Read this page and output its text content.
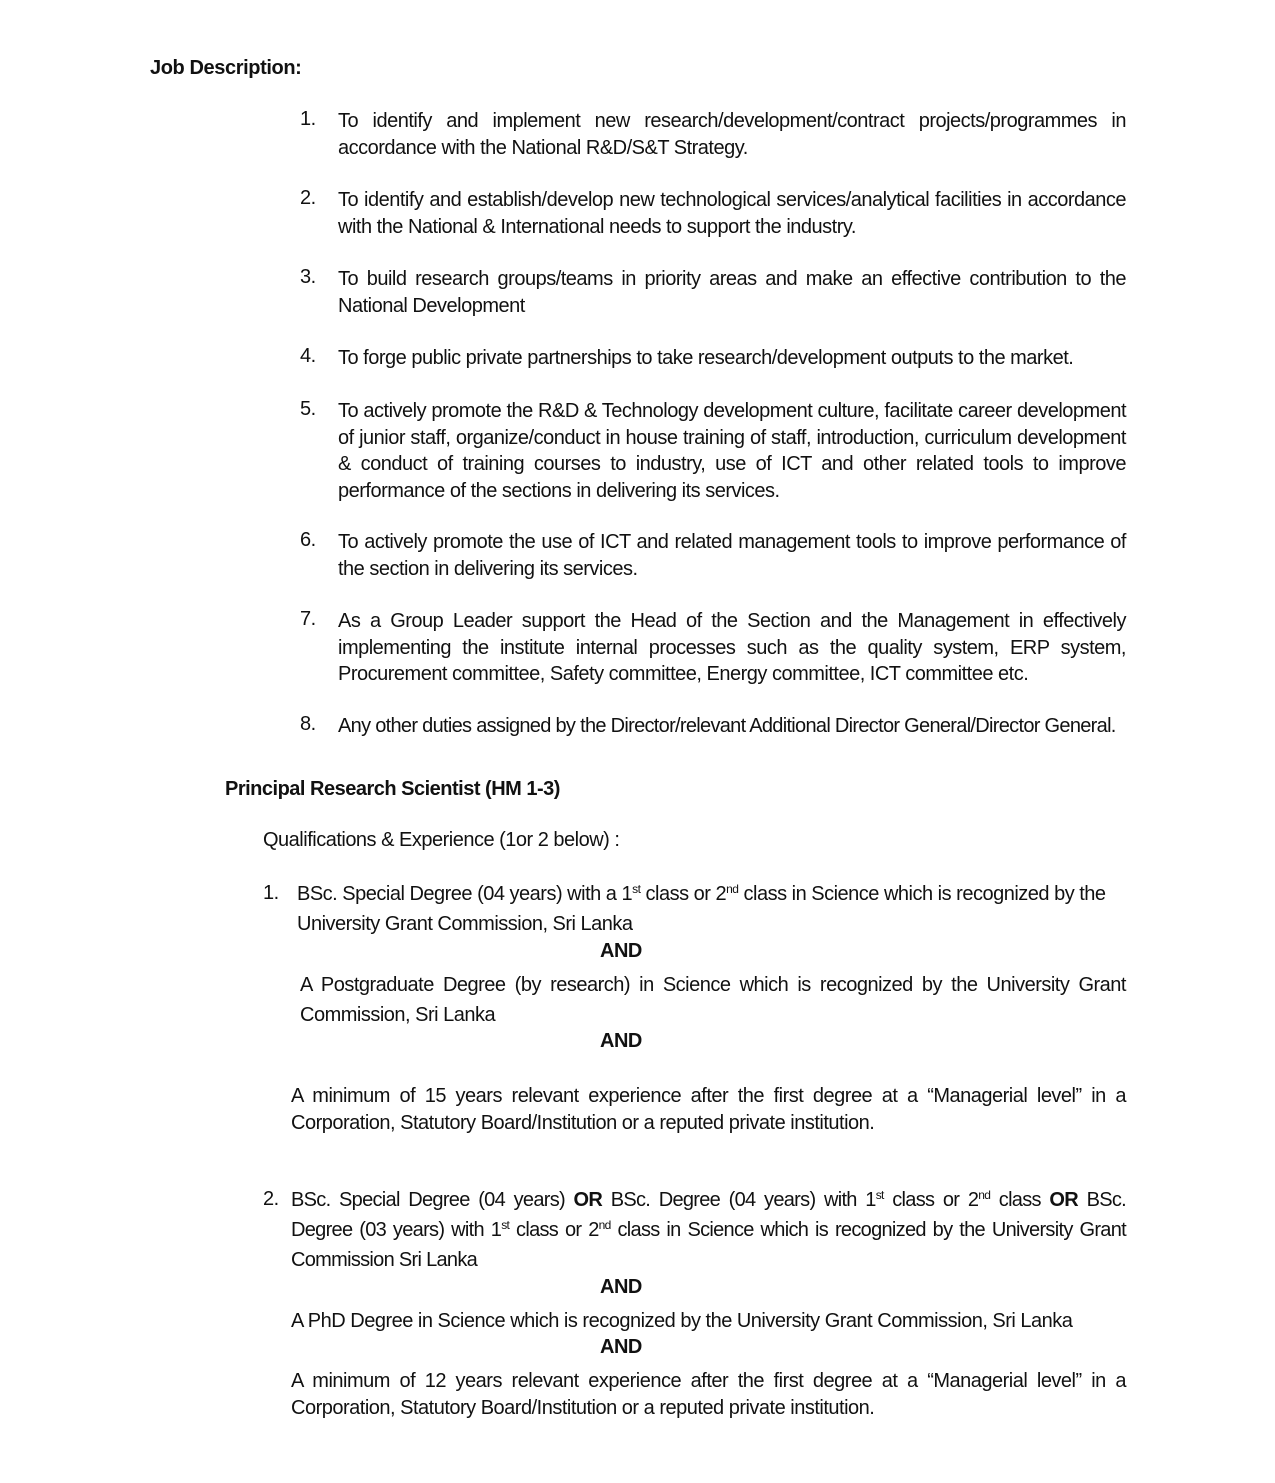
Job Description:
1.	To identify and implement new research/development/contract projects/programmes in accordance with the National R&D/S&T Strategy.
2.	To identify and establish/develop new technological services/analytical facilities in accordance with the National & International needs to support the industry.
3.	To build research groups/teams in priority areas and make an effective contribution to the National Development
4.	To forge public private partnerships to take research/development outputs to the market.
5.	To actively promote the R&D & Technology development culture, facilitate career development of junior staff, organize/conduct in house training of staff, introduction, curriculum development & conduct of training courses to industry, use of ICT and other related tools to improve performance of the sections in delivering its services.
6.	To actively promote the use of ICT and related management tools to improve performance of the section in delivering its services.
7.	As a Group Leader support the Head of the Section and the Management in effectively implementing the institute internal processes such as the quality system, ERP system, Procurement committee, Safety committee, Energy committee, ICT committee etc.
8.	Any other duties assigned by the Director/relevant Additional Director General/Director General.
Principal Research Scientist (HM 1-3)
Qualifications & Experience (1or 2 below) :
1. BSc. Special Degree (04 years) with a 1st class or 2nd class in Science which is recognized by the University Grant Commission, Sri Lanka
AND
A Postgraduate Degree (by research) in Science which is recognized by the University Grant Commission, Sri Lanka
AND
A minimum of 15 years relevant experience after the first degree at a “Managerial level” in a Corporation, Statutory Board/Institution or a reputed private institution.
2. BSc. Special Degree (04 years) OR BSc. Degree (04 years) with 1st class or 2nd class OR BSc. Degree (03 years) with 1st class or 2nd class in Science which is recognized by the University Grant Commission Sri Lanka
AND
A PhD Degree in Science which is recognized by the University Grant Commission, Sri Lanka
AND
A minimum of 12 years relevant experience after the first degree at a “Managerial level” in a Corporation, Statutory Board/Institution or a reputed private institution.
